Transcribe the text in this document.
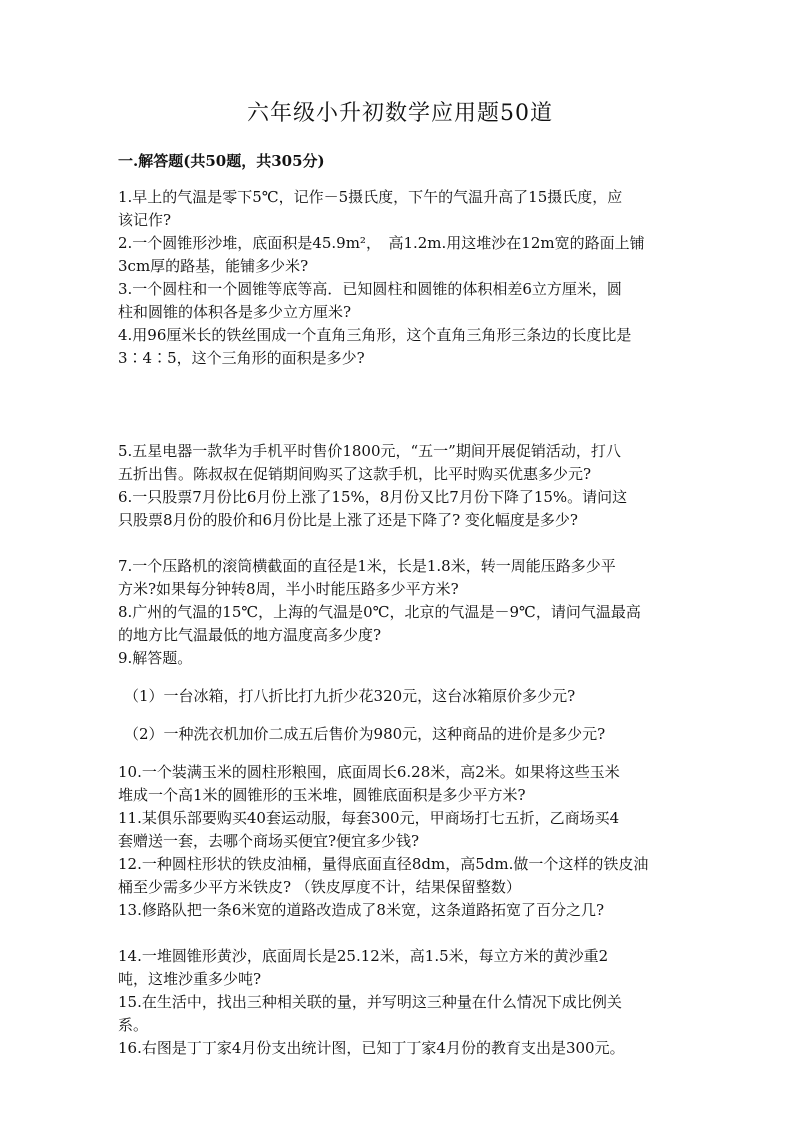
六年级小升初数学应用题50道
一.解答题(共50题，共305分)
1.早上的气温是零下5℃，记作－5摄氏度，下午的气温升高了15摄氏度，应
该记作?
2.一个圆锥形沙堆，底面积是45.9m²，　高1.2m.用这堆沙在12m宽的路面上铺
3cm厚的路基，能铺多少米?
3.一个圆柱和一个圆锥等底等高．已知圆柱和圆锥的体积相差6立方厘米，圆
柱和圆锥的体积各是多少立方厘米?
4.用96厘米长的铁丝围成一个直角三角形，这个直角三角形三条边的长度比是
3∶4∶5，这个三角形的面积是多少?
5.五星电器一款华为手机平时售价1800元，“五一”期间开展促销活动，打八
五折出售。陈叔叔在促销期间购买了这款手机，比平时购买优惠多少元?
6.一只股票7月份比6月份上涨了15%，8月份又比7月份下降了15%。请问这
只股票8月份的股价和6月份比是上涨了还是下降了? 变化幅度是多少?
7.一个压路机的滚筒横截面的直径是1米，长是1.8米，转一周能压路多少平
方米?如果每分钟转8周，半小时能压路多少平方米?
8.广州的气温的15℃，上海的气温是0℃，北京的气温是－9℃，请问气温最高
的地方比气温最低的地方温度高多少度?
9.解答题。
（1）一台冰箱，打八折比打九折少花320元，这台冰箱原价多少元?
（2）一种洗衣机加价二成五后售价为980元，这种商品的进价是多少元?
10.一个装满玉米的圆柱形粮囤，底面周长6.28米，高2米。如果将这些玉米
堆成一个高1米的圆锥形的玉米堆，圆锥底面积是多少平方米?
11.某俱乐部要购买40套运动服，每套300元，甲商场打七五折，乙商场买4
套赠送一套，去哪个商场买便宜?便宜多少钱?
12.一种圆柱形状的铁皮油桶，量得底面直径8dm，高5dm.做一个这样的铁皮油
桶至少需多少平方米铁皮? （铁皮厚度不计，结果保留整数）
13.修路队把一条6米宽的道路改造成了8米宽，这条道路拓宽了百分之几?
14.一堆圆锥形黄沙，底面周长是25.12米，高1.5米，每立方米的黄沙重2
吨，这堆沙重多少吨?
15.在生活中，找出三种相关联的量，并写明这三种量在什么情况下成比例关
系。
16.右图是丁丁家4月份支出统计图，已知丁丁家4月份的教育支出是300元。
